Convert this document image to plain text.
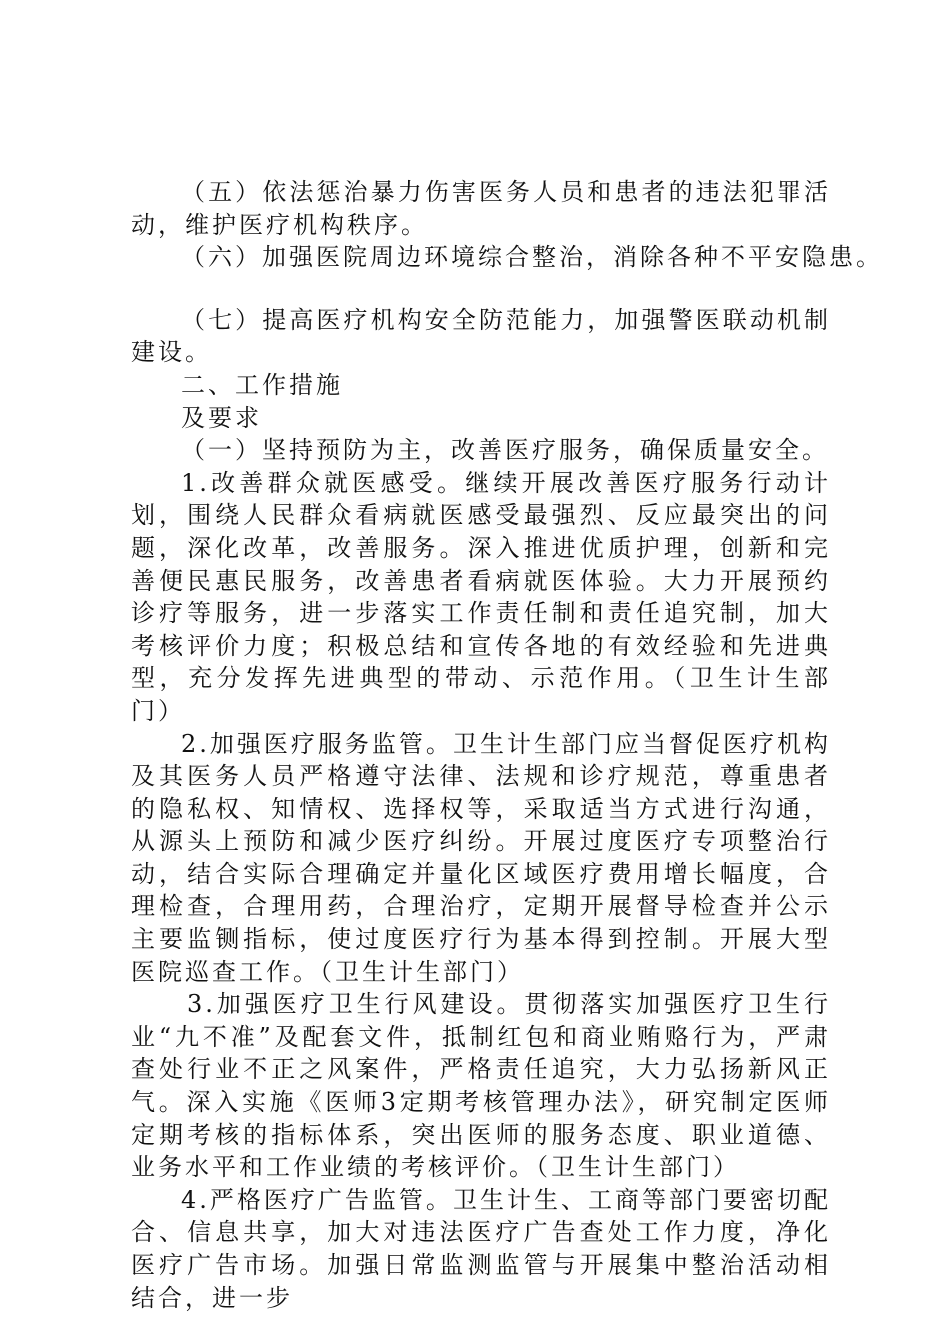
（五）依法惩治暴力伤害医务人员和患者的违法犯罪活动，维护医疗机构秩序。

（六）加强医院周边环境综合整治，消除各种不平安隐患。

（七）提高医疗机构安全防范能力，加强警医联动机制建设。

二、工作措施

及要求

（一）坚持预防为主，改善医疗服务，确保质量安全。

1.改善群众就医感受。继续开展改善医疗服务行动计划，围绕人民群众看病就医感受最强烈、反应最突出的问题，深化改革，改善服务。深入推进优质护理，创新和完善便民惠民服务，改善患者看病就医体验。大力开展预约诊疗等服务，进一步落实工作责任制和责任追究制，加大考核评价力度；积极总结和宣传各地的有效经验和先进典型，充分发挥先进典型的带动、示范作用。（卫生计生部门）

2.加强医疗服务监管。卫生计生部门应当督促医疗机构及其医务人员严格遵守法律、法规和诊疗规范，尊重患者的隐私权、知情权、选择权等，采取适当方式进行沟通，从源头上预防和减少医疗纠纷。开展过度医疗专项整治行动，结合实际合理确定并量化区域医疗费用增长幅度，合理检查，合理用药，合理治疗，定期开展督导检查并公示主要监铡指标，使过度医疗行为基本得到控制。开展大型医院巡查工作。（卫生计生部门）

3.加强医疗卫生行风建设。贯彻落实加强医疗卫生行业“九不准”及配套文件，抵制红包和商业贿赂行为，严肃查处行业不正之风案件，严格责任追究，大力弘扬新风正气。深入实施《医师3定期考核管理办法》，研究制定医师定期考核的指标体系，突出医师的服务态度、职业道德、业务水平和工作业绩的考核评价。（卫生计生部门）

4.严格医疗广告监管。卫生计生、工商等部门要密切配合、信息共享，加大对违法医疗广告查处工作力度，净化医疗广告市场。加强日常监测监管与开展集中整治活动相结合，进一步
